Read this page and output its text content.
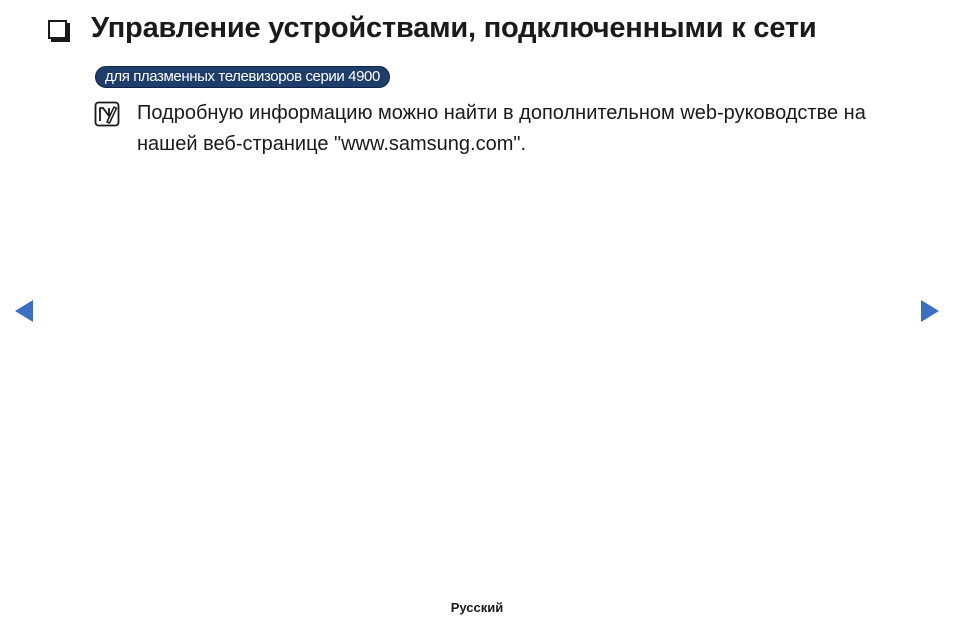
Управление устройствами, подключенными к сети
для плазменных телевизоров серии 4900
Подробную информацию можно найти в дополнительном web-руководстве на нашей веб-странице "www.samsung.com".
Русский
